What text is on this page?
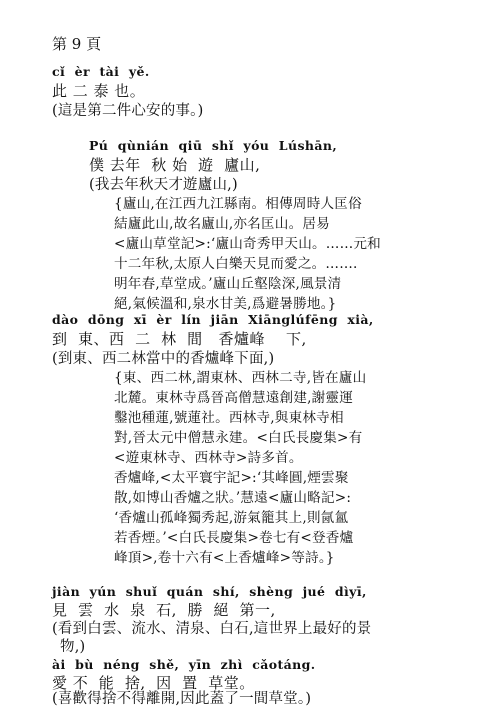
第 9 頁
cǐ  èr  tài  yě.
此 二 泰 也。
(這是第二件心安的事。)
Pú  qùnián  qiū  shǐ  yóu  Lúshān,
僕 去年  秋 始  遊  廬山,
(我去年秋天才遊廬山,)
{廬山,在江西九江縣南。相傳周時人匡俗
結廬此山,故名廬山,亦名匡山。居易
<廬山草堂記>:‘廬山奇秀甲天山。……元和
十二年秋,太原人白樂天見而愛之。…….
明年春,草堂成。’廬山丘壑陰深,風景清
絕,氣候溫和,泉水甘美,爲避暑勝地。}
dào  dōng  xī  èr  lín  jiān  Xiānglúfēng  xià,
到  東、西  二  林  間   香爐峰    下,
(到東、西二林當中的香爐峰下面,)
{東、西二林,謂東林、西林二寺,皆在廬山
北麓。東林寺爲晉高僧慧遠創建,謝靈運
鑿池種蓮,號蓮社。西林寺,與東林寺相
對,晉太元中僧慧永建。<白氏長慶集>有
<遊東林寺、西林寺>詩多首。
香爐峰,<太平寰宇記>:‘其峰圓,煙雲聚
散,如博山香爐之狀。’慧遠<廬山略記>:
‘香爐山孤峰獨秀起,游氣籠其上,則氤氳
若香煙。’<白氏長慶集>卷七有<登香爐
峰頂>,卷十六有<上香爐峰>等詩。}
jiàn  yún  shuǐ  quán  shí,  shèng  jué  dìyī,
見  雲  水  泉  石,  勝  絕  第一,
(看到白雲、流水、清泉、白石,這世界上最好的景
物,)
ài  bù  néng  shě,  yīn  zhì  cǎotáng.
愛 不  能  捨,  因  置  草堂。
(喜歡得捨不得離開,因此蓋了一間草堂。)
